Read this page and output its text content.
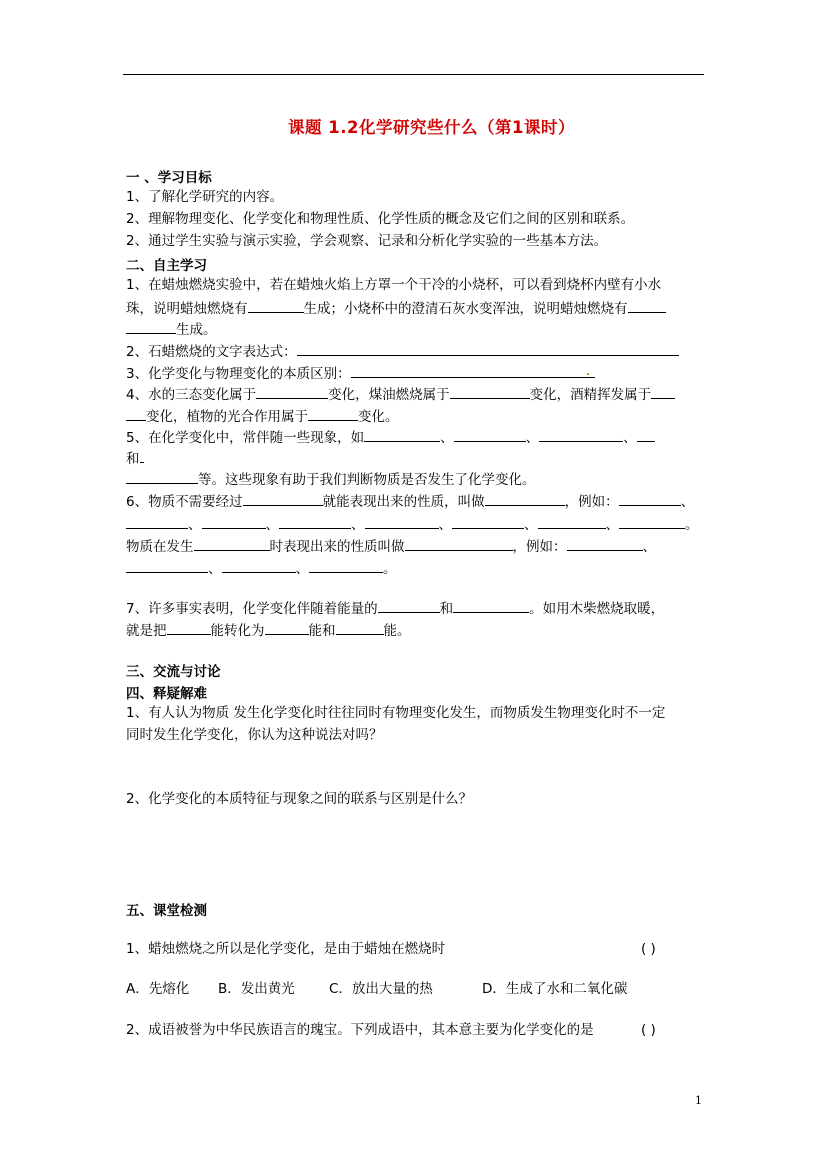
课题 1.2化学研究些什么（第1课时）
一 、学习目标
1、了解化学研究的内容。
2、理解物理变化、化学变化和物理性质、化学性质的概念及它们之间的区别和联系。
2、通过学生实验与演示实验，学会观察、记录和分析化学实验的一些基本方法。
二、自主学习
1、在蜡烛燃烧实验中，若在蜡烛火焰上方罩一个干冷的小烧杯，可以看到烧杯内壁有小水
珠，说明蜡烛燃烧有	生成；小烧杯中的澄清石灰水变浑浊，说明蜡烛燃烧有
生成。
2、石蜡燃烧的文字表达式：
3、化学变化与物理变化的本质区别：
4、水的三态变化属于	变化，煤油燃烧属于	变化，酒精挥发属于
变化，植物的光合作用属于	变化。
5、在化学变化中，常伴随一些现象，如	、	、	、
和
等。这些现象有助于我们判断物质是否发生了化学变化。
6、物质不需要经过	就能表现出来的性质，叫做	，例如：	、
、	、	、	、	、	、	。
物质在发生	时表现出来的性质叫做	，例如：	、
、	、	。
7、许多事实表明，化学变化伴随着能量的	和	。如用木柴燃烧取暖，
就是把	能转化为	能和	能。
三、交流与讨论
四、释疑解难
1、有人认为物质 发生化学变化时往往同时有物理变化发生，而物质发生物理变化时不一定
同时发生化学变化，你认为这种说法对吗？
2、化学变化的本质特征与现象之间的联系与区别是什么？
五、课堂检测
1、蜡烛燃烧之所以是化学变化，是由于蜡烛在燃烧时	( )
A．先熔化 B．发出黄光	C．放出大量的热	D．生成了水和二氧化碳
2、成语被誉为中华民族语言的瑰宝。下列成语中，其本意主要为化学变化的是	( )
1
